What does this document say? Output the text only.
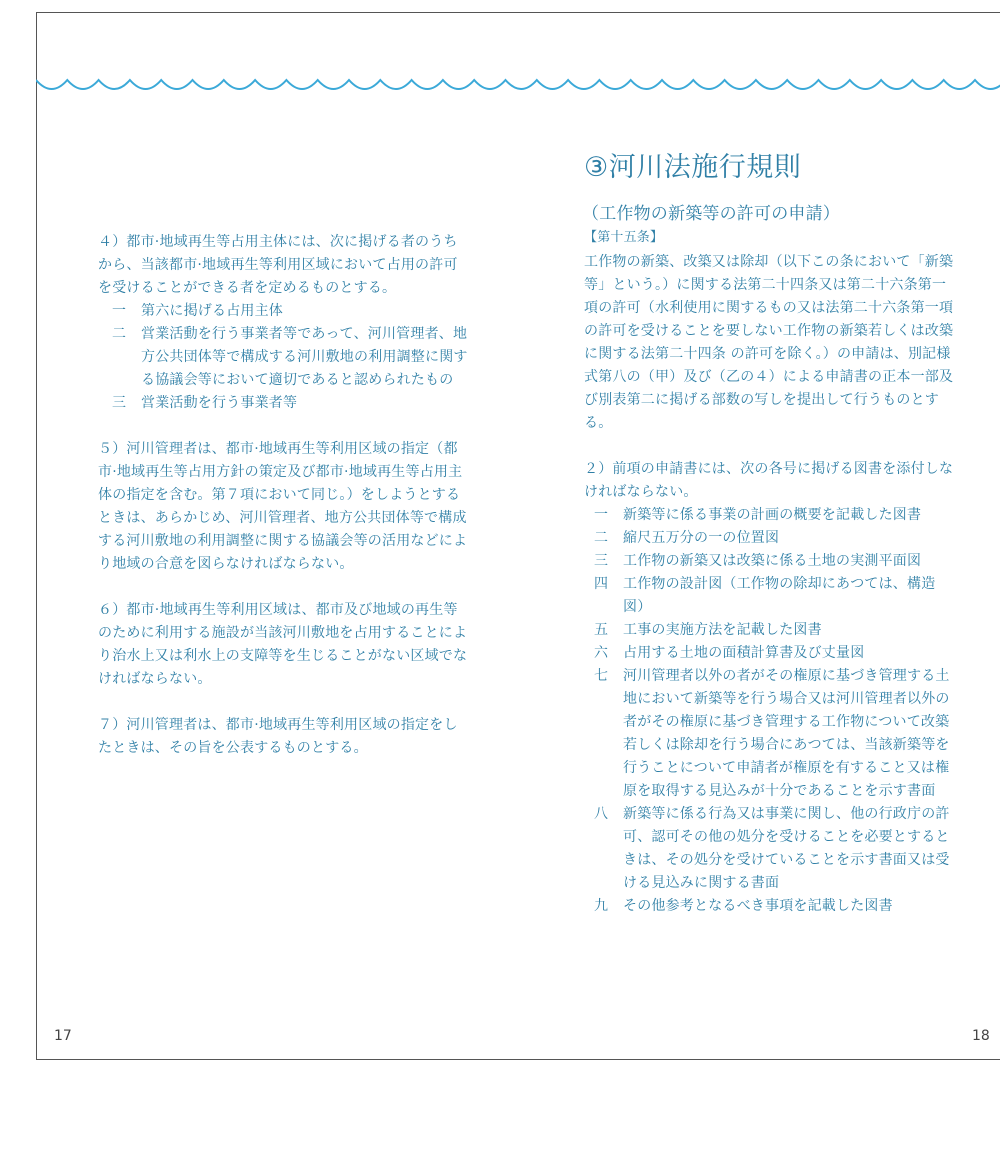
４）都市·地域再生等占用主体には、次に掲げる者のうちから、当該都市·地域再生等利用区域において占用の許可を受けることができる者を定めるものとする。
一	第六に掲げる占用主体
二	営業活動を行う事業者等であって、河川管理者、地方公共団体等で構成する河川敷地の利用調整に関する協議会等において適切であると認められたもの
三	営業活動を行う事業者等
５）河川管理者は、都市·地域再生等利用区域の指定（都市·地域再生等占用方針の策定及び都市·地域再生等占用主体の指定を含む。第７項において同じ。）をしようとするときは、あらかじめ、河川管理者、地方公共団体等で構成する河川敷地の利用調整に関する協議会等の活用などにより地域の合意を図らなければならない。
６）都市·地域再生等利用区域は、都市及び地域の再生等のために利用する施設が当該河川敷地を占用することにより治水上又は利水上の支障等を生じることがない区域でなければならない。
７）河川管理者は、都市·地域再生等利用区域の指定をしたときは、その旨を公表するものとする。
③河川法施行規則
（工作物の新築等の許可の申請）
【第十五条】
工作物の新築、改築又は除却（以下この条において「新築等」という。）に関する法第二十四条又は第二十六条第一項の許可（水利使用に関するもの又は法第二十六条第一項 の許可を受けることを要しない工作物の新築若しくは改築に関する法第二十四条 の許可を除く。）の申請は、別記様式第八の（甲）及び（乙の４）による申請書の正本一部及び別表第二に掲げる部数の写しを提出して行うものとする。
２）前項の申請書には、次の各号に掲げる図書を添付しなければならない。
一	新築等に係る事業の計画の概要を記載した図書
二	縮尺五万分の一の位置図
三	工作物の新築又は改築に係る土地の実測平面図
四	工作物の設計図（工作物の除却にあつては、構造図）
五	工事の実施方法を記載した図書
六	占用する土地の面積計算書及び丈量図
七	河川管理者以外の者がその権原に基づき管理する土地において新築等を行う場合又は河川管理者以外の者がその権原に基づき管理する工作物について改築若しくは除却を行う場合にあつては、当該新築等を行うことについて申請者が権原を有すること又は権原を取得する見込みが十分であることを示す書面
八	新築等に係る行為又は事業に関し、他の行政庁の許可、認可その他の処分を受けることを必要とするときは、その処分を受けていることを示す書面又は受ける見込みに関する書面
九	その他参考となるべき事項を記載した図書
17	18
